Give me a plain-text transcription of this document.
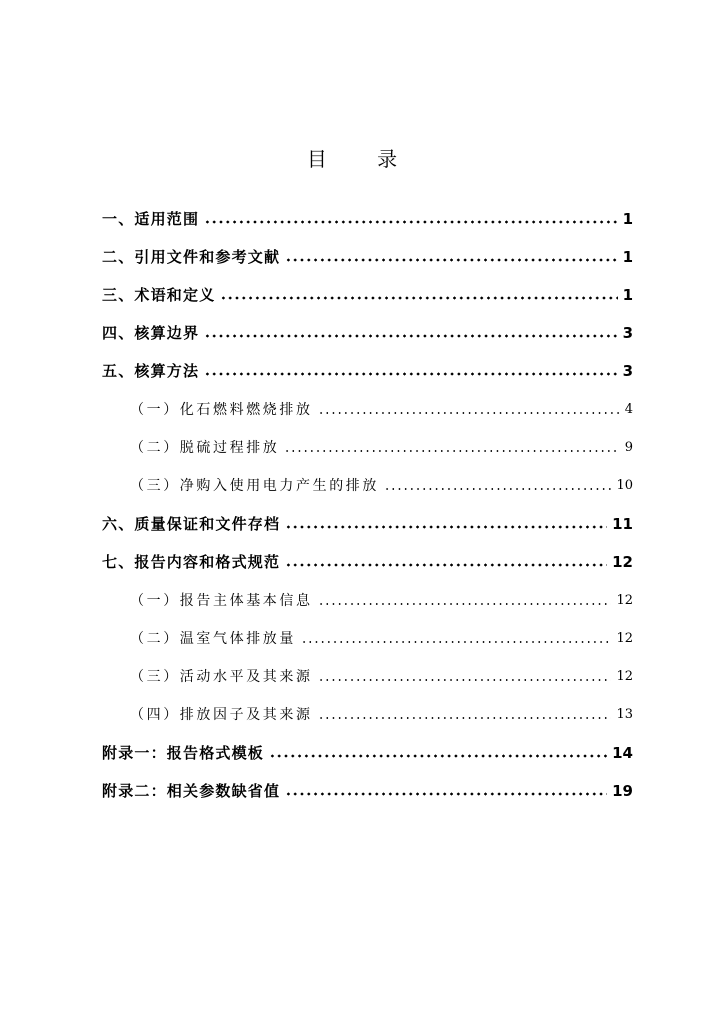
目 录
一、适用范围	1
二、引用文件和参考文献	1
三、术语和定义	1
四、核算边界	3
五、核算方法	3
（一）化石燃料燃烧排放	4
（二）脱硫过程排放	9
（三）净购入使用电力产生的排放	10
六、质量保证和文件存档	11
七、报告内容和格式规范	12
（一）报告主体基本信息	12
（二）温室气体排放量	12
（三）活动水平及其来源	12
（四）排放因子及其来源	13
附录一：报告格式模板	14
附录二：相关参数缺省值	19
